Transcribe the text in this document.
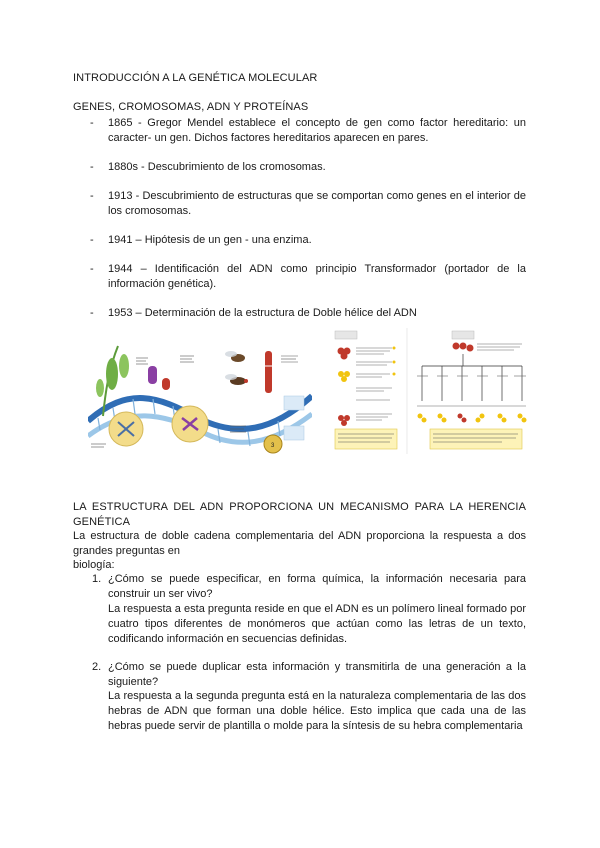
INTRODUCCIÓN A LA GENÉTICA MOLECULAR
GENES, CROMOSOMAS, ADN Y PROTEÍNAS
- 1865 - Gregor Mendel establece el concepto de gen como factor hereditario: un caracter- un gen. Dichos factores hereditarios aparecen en pares.
- 1880s - Descubrimiento de los cromosomas.
- 1913 - Descubrimiento de estructuras que se comportan como genes en el interior de los cromosomas.
- 1941 – Hipótesis de un gen - una enzima.
- 1944 – Identificación del ADN como principio Transformador (portador de la información genética).
- 1953 – Determinación de la estructura de Doble hélice del ADN
3
LA ESTRUCTURA DEL ADN PROPORCIONA UN MECANISMO PARA LA HERENCIA GENÉTICA
La estructura de doble cadena complementaria del ADN proporciona la respuesta a dos grandes preguntas en
biología:
1. ¿Cómo se puede especificar, en forma química, la información necesaria para construir un ser vivo?
La respuesta a esta pregunta reside en que el ADN es un polímero lineal formado por cuatro tipos diferentes de monómeros que actúan como las letras de un texto, codificando información en secuencias definidas.
2. ¿Cómo se puede duplicar esta información y transmitirla de una generación a la siguiente?
La respuesta a la segunda pregunta está en la naturaleza complementaria de las dos hebras de ADN que forman una doble hélice. Esto implica que cada una de las hebras puede servir de plantilla o molde para la síntesis de su hebra complementaria
